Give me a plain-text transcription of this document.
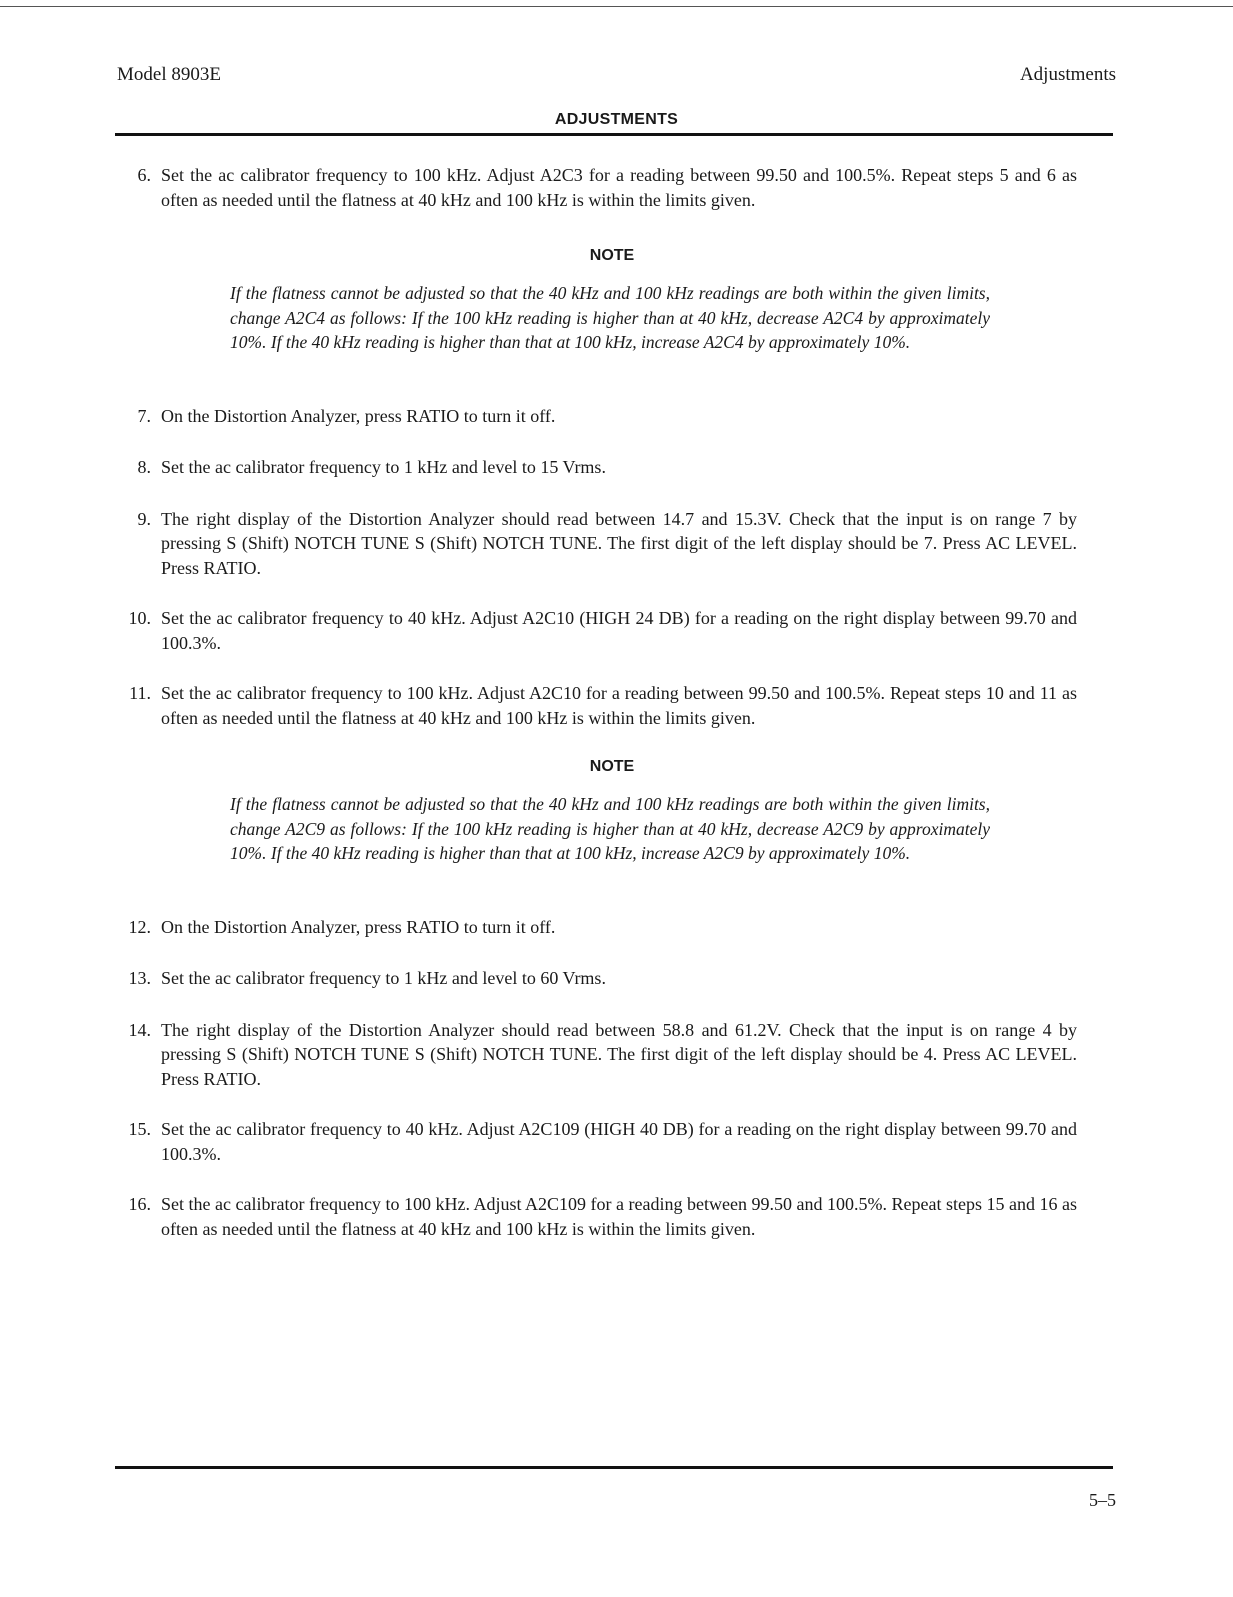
Model 8903E	Adjustments
ADJUSTMENTS
6. Set the ac calibrator frequency to 100 kHz. Adjust A2C3 for a reading between 99.50 and 100.5%. Repeat steps 5 and 6 as often as needed until the flatness at 40 kHz and 100 kHz is within the limits given.
NOTE
If the flatness cannot be adjusted so that the 40 kHz and 100 kHz readings are both within the given limits, change A2C4 as follows: If the 100 kHz reading is higher than at 40 kHz, decrease A2C4 by approximately 10%. If the 40 kHz reading is higher than that at 100 kHz, increase A2C4 by approximately 10%.
7. On the Distortion Analyzer, press RATIO to turn it off.
8. Set the ac calibrator frequency to 1 kHz and level to 15 Vrms.
9. The right display of the Distortion Analyzer should read between 14.7 and 15.3V. Check that the input is on range 7 by pressing S (Shift) NOTCH TUNE S (Shift) NOTCH TUNE. The first digit of the left display should be 7. Press AC LEVEL. Press RATIO.
10. Set the ac calibrator frequency to 40 kHz. Adjust A2C10 (HIGH 24 DB) for a reading on the right display between 99.70 and 100.3%.
11. Set the ac calibrator frequency to 100 kHz. Adjust A2C10 for a reading between 99.50 and 100.5%. Repeat steps 10 and 11 as often as needed until the flatness at 40 kHz and 100 kHz is within the limits given.
NOTE
If the flatness cannot be adjusted so that the 40 kHz and 100 kHz readings are both within the given limits, change A2C9 as follows: If the 100 kHz reading is higher than at 40 kHz, decrease A2C9 by approximately 10%. If the 40 kHz reading is higher than that at 100 kHz, increase A2C9 by approximately 10%.
12. On the Distortion Analyzer, press RATIO to turn it off.
13. Set the ac calibrator frequency to 1 kHz and level to 60 Vrms.
14. The right display of the Distortion Analyzer should read between 58.8 and 61.2V. Check that the input is on range 4 by pressing S (Shift) NOTCH TUNE S (Shift) NOTCH TUNE. The first digit of the left display should be 4. Press AC LEVEL. Press RATIO.
15. Set the ac calibrator frequency to 40 kHz. Adjust A2C109 (HIGH 40 DB) for a reading on the right display between 99.70 and 100.3%.
16. Set the ac calibrator frequency to 100 kHz. Adjust A2C109 for a reading between 99.50 and 100.5%. Repeat steps 15 and 16 as often as needed until the flatness at 40 kHz and 100 kHz is within the limits given.
5–5
